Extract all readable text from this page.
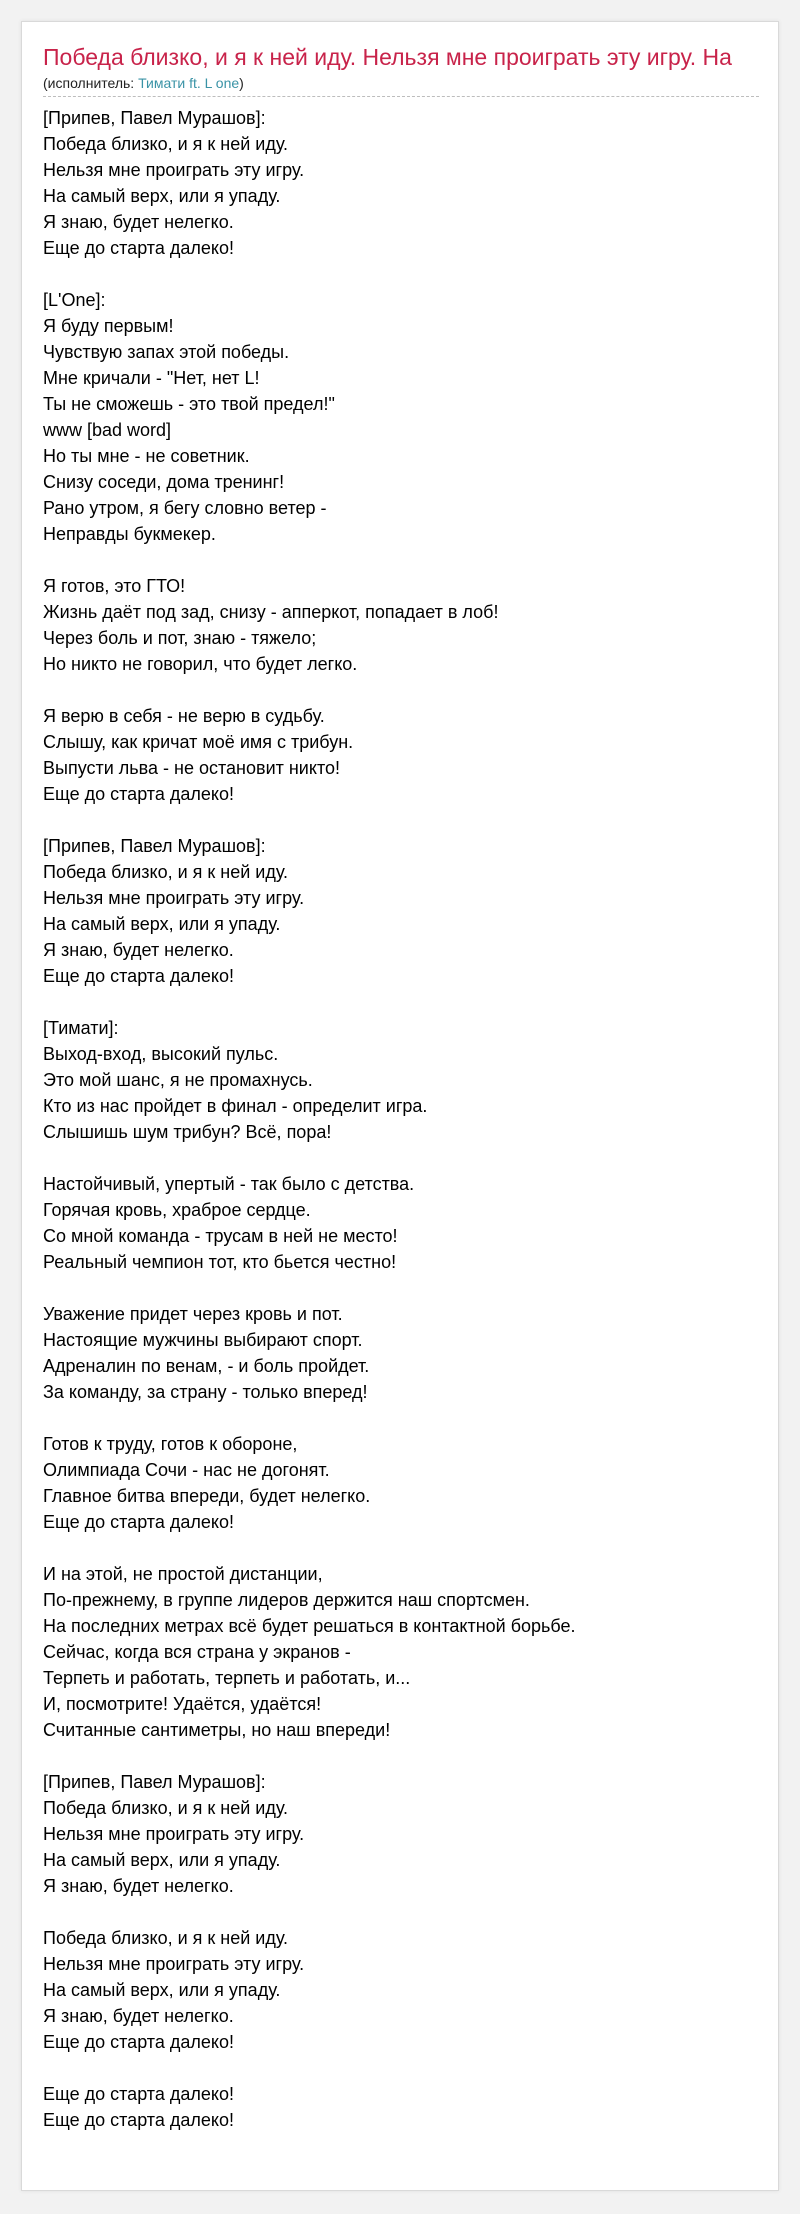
Победа близко, и я к ней иду. Нельзя мне проиграть эту игру. На
(исполнитель: Тимати ft. L one)
[Припев, Павел Мурашов]:
Победа близко, и я к ней иду.
Нельзя мне проиграть эту игру.
На самый верх, или я упаду.
Я знаю, будет нелегко.
Еще до старта далеко!
[L'One]:
Я буду первым!
Чувствую запах этой победы.
Мне кричали - "Нет, нет L!
Ты не сможешь - это твой предел!"
www [bad word]
Но ты мне - не советник.
Снизу соседи, дома тренинг!
Рано утром, я бегу словно ветер -
Неправды букмекер.
Я готов, это ГТО!
Жизнь даёт под зад, снизу - апперкот, попадает в лоб!
Через боль и пот, знаю - тяжело;
Но никто не говорил, что будет легко.
Я верю в себя - не верю в судьбу.
Слышу, как кричат моё имя с трибун.
Выпусти льва - не остановит никто!
Еще до старта далеко!
[Припев, Павел Мурашов]:
Победа близко, и я к ней иду.
Нельзя мне проиграть эту игру.
На самый верх, или я упаду.
Я знаю, будет нелегко.
Еще до старта далеко!
[Тимати]:
Выход-вход, высокий пульс.
Это мой шанс, я не промахнусь.
Кто из нас пройдет в финал - определит игра.
Слышишь шум трибун? Всё, пора!
Настойчивый, упертый - так было с детства.
Горячая кровь, храброе сердце.
Со мной команда - трусам в ней не место!
Реальный чемпион тот, кто бьется честно!
Уважение придет через кровь и пот.
Настоящие мужчины выбирают спорт.
Адреналин по венам, - и боль пройдет.
За команду, за страну - только вперед!
Готов к труду, готов к обороне,
Олимпиада Сочи - нас не догонят.
Главное битва впереди, будет нелегко.
Еще до старта далеко!
И на этой, не простой дистанции,
По-прежнему, в группе лидеров держится наш спортсмен.
На последних метрах всё будет решаться в контактной борьбе.
Сейчас, когда вся страна у экранов -
Терпеть и работать, терпеть и работать, и...
И, посмотрите! Удаётся, удаётся!
Считанные сантиметры, но наш впереди!
[Припев, Павел Мурашов]:
Победа близко, и я к ней иду.
Нельзя мне проиграть эту игру.
На самый верх, или я упаду.
Я знаю, будет нелегко.
Победа близко, и я к ней иду.
Нельзя мне проиграть эту игру.
На самый верх, или я упаду.
Я знаю, будет нелегко.
Еще до старта далеко!
Еще до старта далеко!
Еще до старта далеко!
